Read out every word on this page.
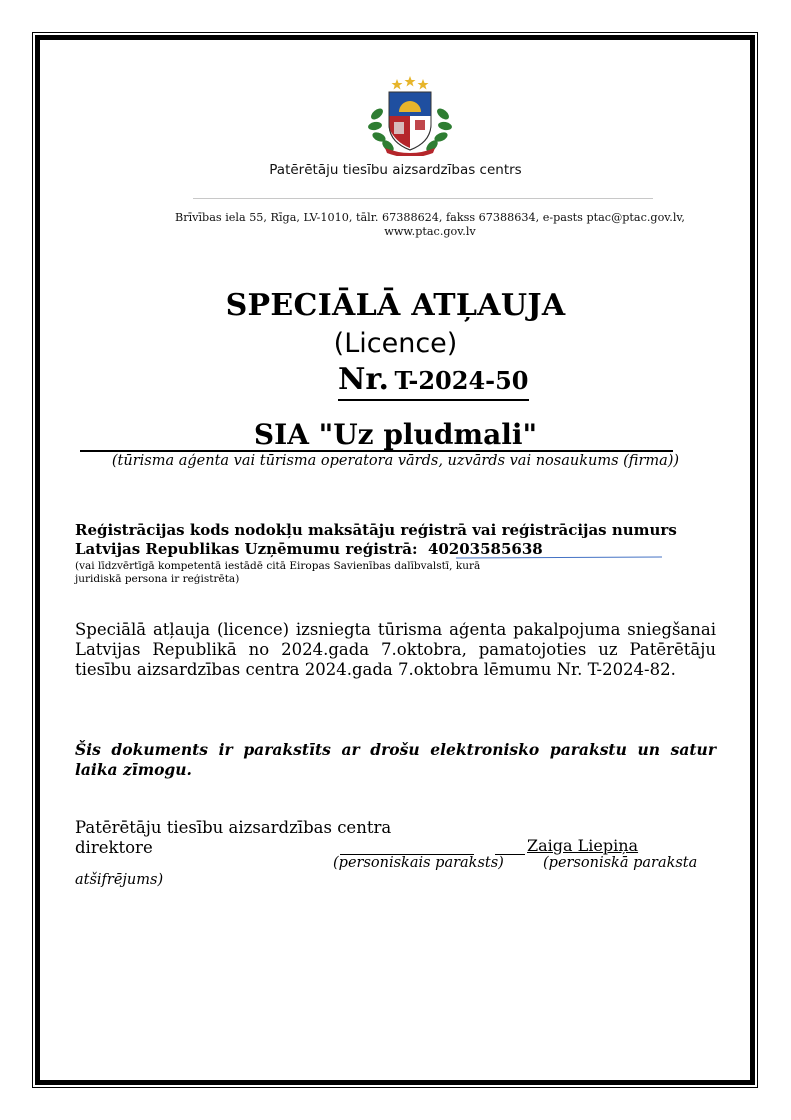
Patērētāju tiesību aizsardzības centrs
Brīvības iela 55, Rīga, LV-1010, tālr. 67388624, fakss 67388634, e-pasts ptac@ptac.gov.lv, www.ptac.gov.lv
SPECIĀLĀ ATĻAUJA
(Licence)
Nr. T-2024-50
SIA "Uz pludmali"
(tūrisma aģenta vai tūrisma operatora vārds, uzvārds vai nosaukums (firma))
Reģistrācijas kods nodokļu maksātāju reģistrā vai reģistrācijas numurs Latvijas Republikas Uzņēmumu reģistrā: 40203585638
(vai līdzvērtīgā kompetentā iestādē citā Eiropas Savienības dalībvalstī, kurā juridiskā persona ir reģistrēta)
Speciālā atļauja (licence) izsniegta tūrisma aģenta pakalpojuma sniegšanai Latvijas Republikā no 2024.gada 7.oktobra, pamatojoties uz Patērētāju tiesību aizsardzības centra 2024.gada 7.oktobra lēmumu Nr. T-2024-82.
Šis dokuments ir parakstīts ar drošu elektronisko parakstu un satur laika zīmogu.
Patērētāju tiesību aizsardzības centra
direktore	Zaiga Liepiņa
(personiskais paraksts)	(personiskā paraksta
atšifrējums)
